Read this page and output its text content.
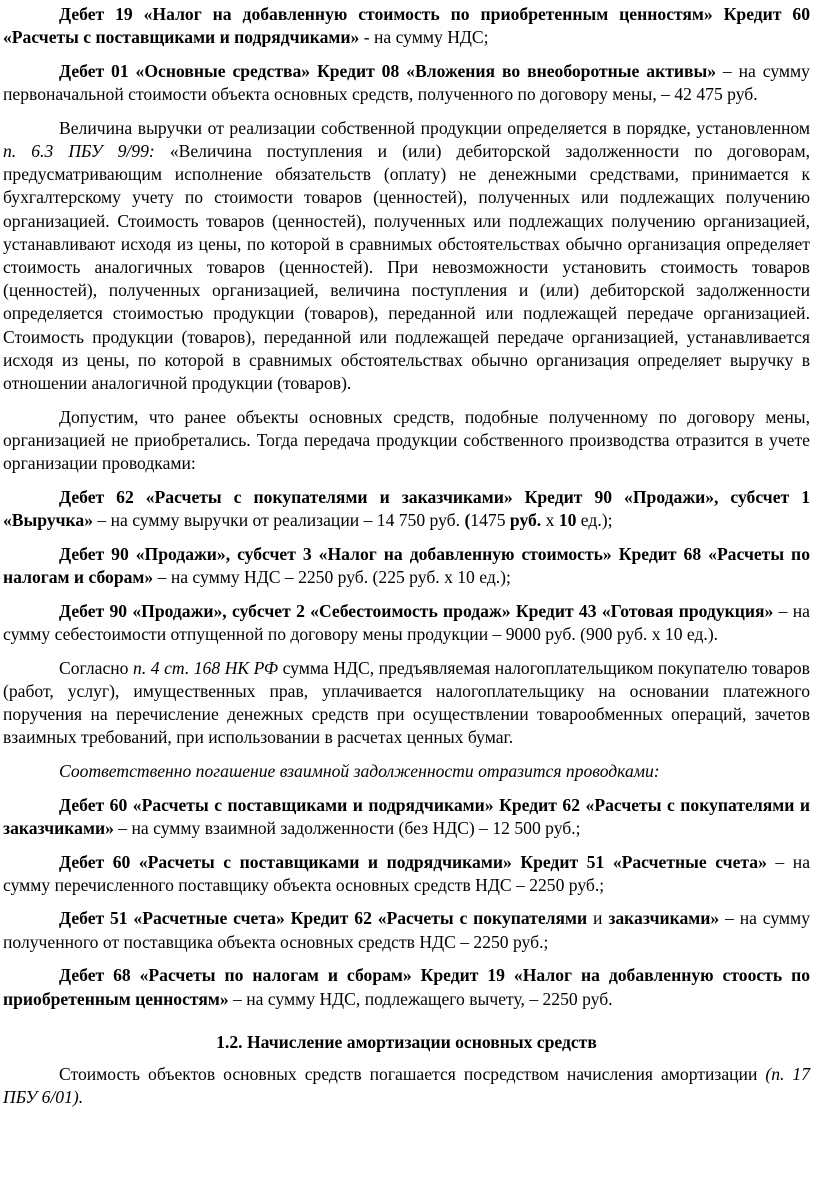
Дебет 19 «Налог на добавленную стоимость по приобретенным ценностям» Кредит 60 «Расчеты с поставщиками и подрядчиками» - на сумму НДС;
Дебет 01 «Основные средства» Кредит 08 «Вложения во внеоборотные активы» – на сумму первоначальной стоимости объекта основных средств, полученного по договору мены, – 42 475 руб.
Величина выручки от реализации собственной продукции определяется в порядке, установленном п. 6.3 ПБУ 9/99: «Величина поступления и (или) дебиторской задолженности по договорам, предусматривающим исполнение обязательств (оплату) не денежными средствами, принимается к бухгалтерскому учету по стоимости товаров (ценностей), полученных или подлежащих получению организацией. Стоимость товаров (ценностей), полученных или подлежащих получению организацией, устанавливают исходя из цены, по которой в сравнимых обстоятельствах обычно организация определяет стоимость аналогичных товаров (ценностей). При невозможности установить стоимость товаров (ценностей), полученных организацией, величина поступления и (или) дебиторской задолженности определяется стоимостью продукции (товаров), переданной или подлежащей передаче организацией. Стоимость продукции (товаров), переданной или подлежащей передаче организацией, устанавливается исходя из цены, по которой в сравнимых обстоятельствах обычно организация определяет выручку в отношении аналогичной продукции (товаров).
Допустим, что ранее объекты основных средств, подобные полученному по договору мены, организацией не приобретались. Тогда передача продукции собственного производства отразится в учете организации проводками:
Дебет 62 «Расчеты с покупателями и заказчиками» Кредит 90 «Продажи», субсчет 1 «Выручка» – на сумму выручки от реализации – 14 750 руб. (1475 руб. х 10 ед.);
Дебет 90 «Продажи», субсчет 3 «Налог на добавленную стоимость» Кредит 68 «Расчеты по налогам и сборам» – на сумму НДС – 2250 руб. (225 руб. х 10 ед.);
Дебет 90 «Продажи», субсчет 2 «Себестоимость продаж» Кредит 43 «Готовая продукция» – на сумму себестоимости отпущенной по договору мены продукции – 9000 руб. (900 руб. х 10 ед.).
Согласно п. 4 ст. 168 НК РФ сумма НДС, предъявляемая налогоплательщиком покупателю товаров (работ, услуг), имущественных прав, уплачивается налогоплательщику на основании платежного поручения на перечисление денежных средств при осуществлении товарообменных операций, зачетов взаимных требований, при использовании в расчетах ценных бумаг.
Соответственно погашение взаимной задолженности отразится проводками:
Дебет 60 «Расчеты с поставщиками и подрядчиками» Кредит 62 «Расчеты с покупателями и заказчиками» – на сумму взаимной задолженности (без НДС) – 12 500 руб.;
Дебет 60 «Расчеты с поставщиками и подрядчиками» Кредит 51 «Расчетные счета» – на сумму перечисленного поставщику объекта основных средств НДС – 2250 руб.;
Дебет 51 «Расчетные счета» Кредит 62 «Расчеты с покупателями и заказчиками» – на сумму полученного от поставщика объекта основных средств НДС – 2250 руб.;
Дебет 68 «Расчеты по налогам и сборам» Кредит 19 «Налог на добавленную стоость по приобретенным ценностям» – на сумму НДС, подлежащего вычету, – 2250 руб.
1.2. Начисление амортизации основных средств
Стоимость объектов основных средств погашается посредством начисления амортизации (п. 17 ПБУ 6/01).
